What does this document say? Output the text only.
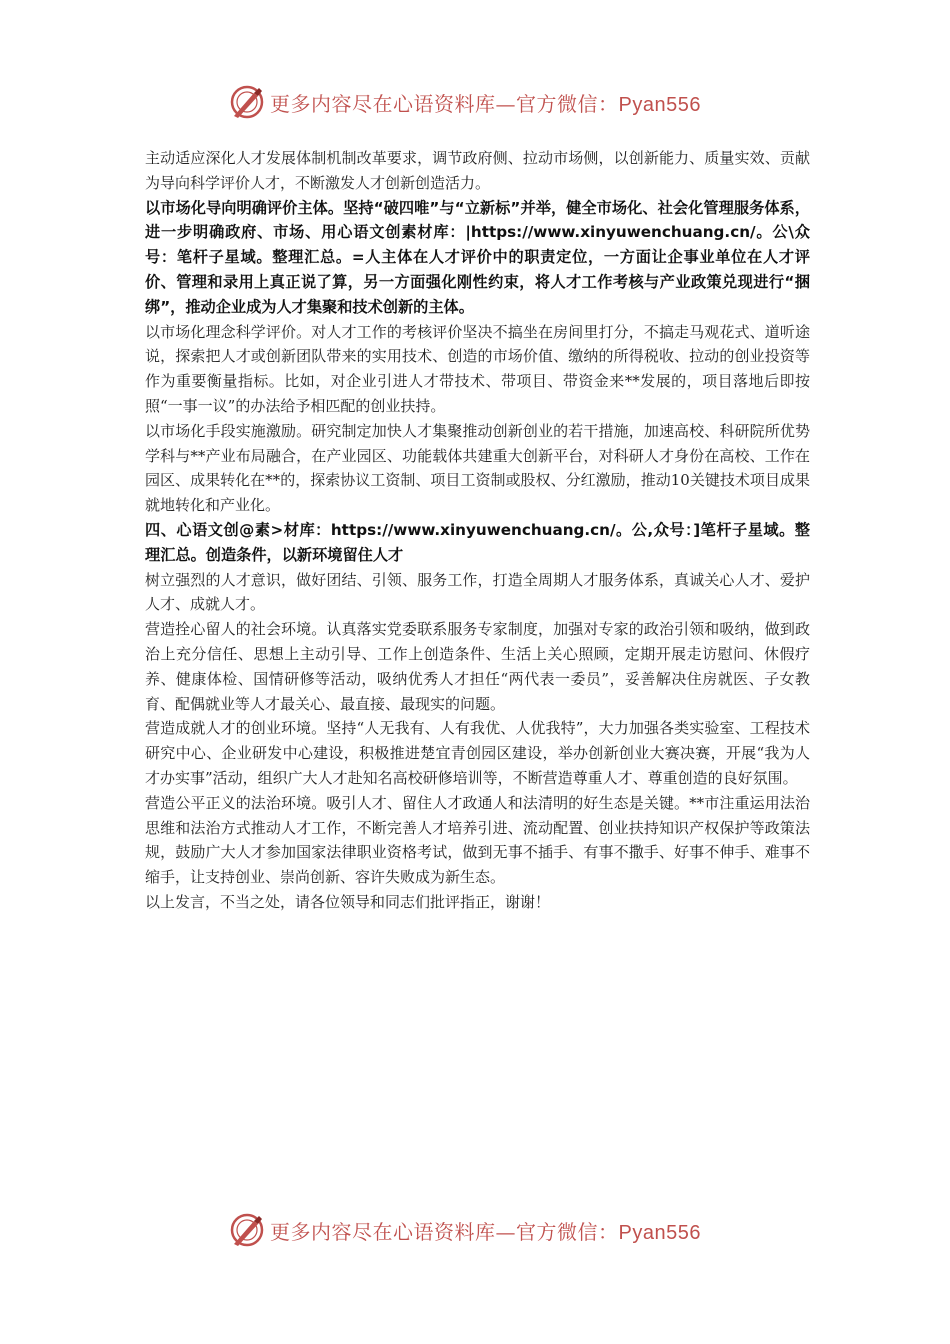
更多内容尽在心语资料库—官方微信：Pyan556

主动适应深化人才发展体制机制改革要求，调节政府侧、拉动市场侧，以创新能力、质量实效、贡献为导向科学评价人才，不断激发人才创新创造活力。

以市场化导向明确评价主体。坚持“破四唯”与“立新标”并举，健全市场化、社会化管理服务体系，进一步明确政府、市场、用心语文创素材库：|https://www.xinyuwenchuang.cn/。公\众号：笔杆子星域。整理汇总。=人主体在人才评价中的职责定位，一方面让企事业单位在人才评价、管理和录用上真正说了算，另一方面强化刚性约束，将人才工作考核与产业政策兑现进行“捆绑”，推动企业成为人才集聚和技术创新的主体。

以市场化理念科学评价。对人才工作的考核评价坚决不搞坐在房间里打分，不搞走马观花式、道听途说，探索把人才或创新团队带来的实用技术、创造的市场价值、缴纳的所得税收、拉动的创业投资等作为重要衡量指标。比如，对企业引进人才带技术、带项目、带资金来**发展的，项目落地后即按照“一事一议”的办法给予相匹配的创业扶持。

以市场化手段实施激励。研究制定加快人才集聚推动创新创业的若干措施，加速高校、科研院所优势学科与**产业布局融合，在产业园区、功能载体共建重大创新平台，对科研人才身份在高校、工作在园区、成果转化在**的，探索协议工资制、项目工资制或股权、分红激励，推动10关键技术项目成果就地转化和产业化。

四、心语文创@素>材库：https://www.xinyuwenchuang.cn/。公,众号：]笔杆子星域。整理汇总。创造条件，以新环境留住人才

树立强烈的人才意识，做好团结、引领、服务工作，打造全周期人才服务体系，真诚关心人才、爱护人才、成就人才。

营造拴心留人的社会环境。认真落实党委联系服务专家制度，加强对专家的政治引领和吸纳，做到政治上充分信任、思想上主动引导、工作上创造条件、生活上关心照顾，定期开展走访慰问、休假疗养、健康体检、国情研修等活动，吸纳优秀人才担任“两代表一委员”，妥善解决住房就医、子女教育、配偶就业等人才最关心、最直接、最现实的问题。

营造成就人才的创业环境。坚持“人无我有、人有我优、人优我特”，大力加强各类实验室、工程技术研究中心、企业研发中心建设，积极推进楚宜青创园区建设，举办创新创业大赛决赛，开展“我为人才办实事”活动，组织广大人才赴知名高校研修培训等，不断营造尊重人才、尊重创造的良好氛围。

营造公平正义的法治环境。吸引人才、留住人才政通人和法清明的好生态是关键。**市注重运用法治思维和法治方式推动人才工作，不断完善人才培养引进、流动配置、创业扶持知识产权保护等政策法规，鼓励广大人才参加国家法律职业资格考试，做到无事不插手、有事不撒手、好事不伸手、难事不缩手，让支持创业、崇尚创新、容许失败成为新生态。

以上发言，不当之处，请各位领导和同志们批评指正，谢谢！

更多内容尽在心语资料库—官方微信：Pyan556
